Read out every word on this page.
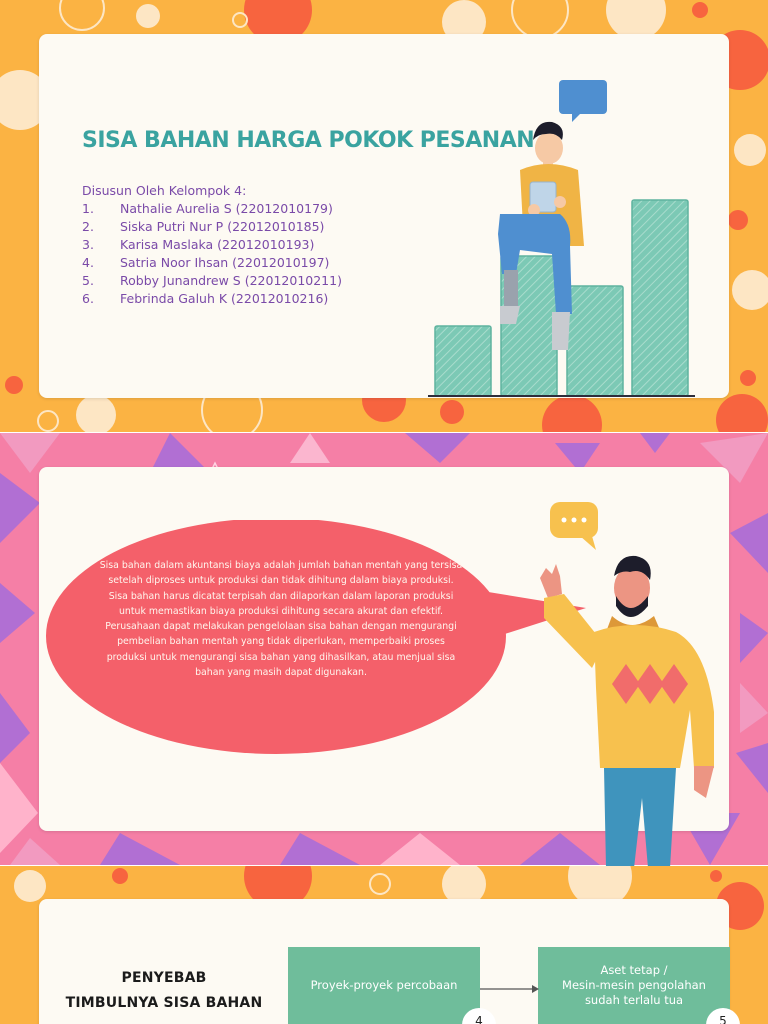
SISA BAHAN HARGA POKOK PESANAN
Disusun Oleh Kelompok 4:
1.	Nathalie Aurelia S (22012010179)
2.	Siska Putri Nur P (22012010185)
3.	Karisa Maslaka (22012010193)
4.	Satria Noor Ihsan (22012010197)
5.	Robby Junandrew S (22012010211)
6.	Febrinda Galuh K (22012010216)
Sisa bahan dalam akuntansi biaya adalah jumlah bahan mentah yang tersisa setelah diproses untuk produksi dan tidak dihitung dalam biaya produksi. Sisa bahan harus dicatat terpisah dan dilaporkan dalam laporan produksi untuk memastikan biaya produksi dihitung secara akurat dan efektif. Perusahaan dapat melakukan pengelolaan sisa bahan dengan mengurangi pembelian bahan mentah yang tidak diperlukan, memperbaiki proses produksi untuk mengurangi sisa bahan yang dihasilkan, atau menjual sisa bahan yang masih dapat digunakan.
PENYEBAB
TIMBULNYA SISA BAHAN
Proyek-proyek percobaan
Aset tetap /
Mesin-mesin pengolahan
sudah terlalu tua
4	5
